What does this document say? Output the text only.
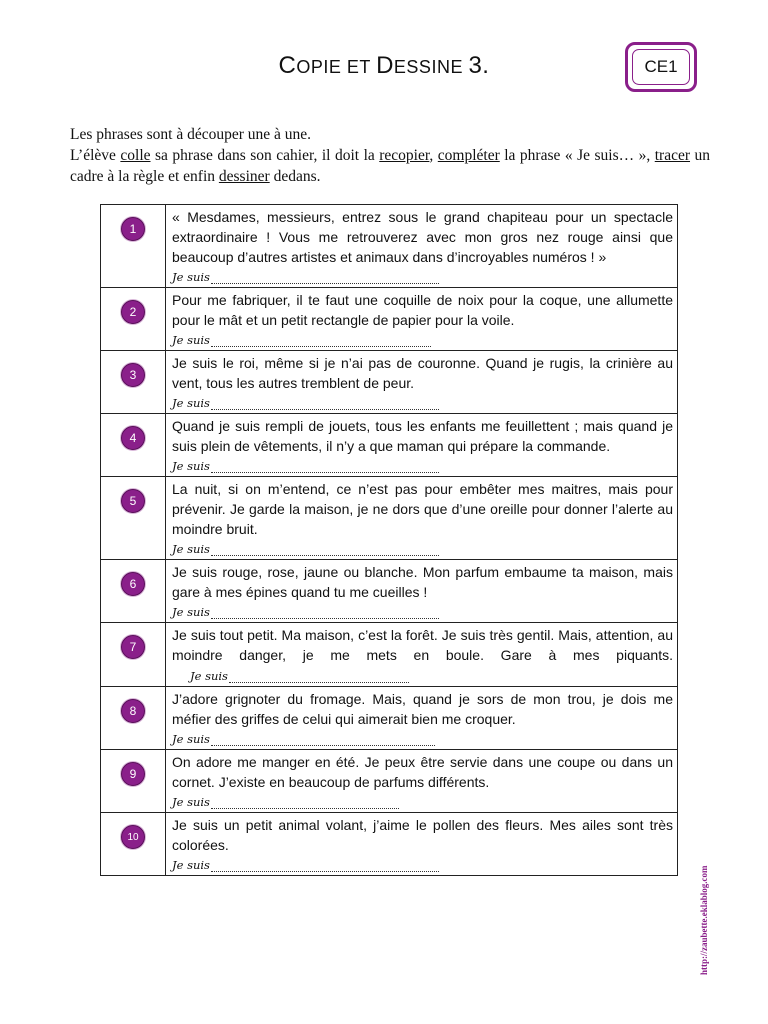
COPIE ET DESSINE 3.	CE1

Les phrases sont à découper une à une.

L’élève colle sa phrase dans son cahier, il doit la recopier, compléter la phrase « Je suis… », tracer un cadre à la règle et enfin dessiner dedans.

1	« Mesdames, messieurs, entrez sous le grand chapiteau pour un spectacle extraordinaire ! Vous me retrouverez avec mon gros nez rouge ainsi que beaucoup d’autres artistes et animaux dans d’incroyables numéros ! »
Je suis

2	Pour me fabriquer, il te faut une coquille de noix pour la coque, une allumette pour le mât et un petit rectangle de papier pour la voile.
Je suis

3	Je suis le roi, même si je n’ai pas de couronne. Quand je rugis, la crinière au vent, tous les autres tremblent de peur.
Je suis

4	Quand je suis rempli de jouets, tous les enfants me feuillettent ; mais quand je suis plein de vêtements, il n’y a que maman qui prépare la commande.
Je suis

5	La nuit, si on m’entend, ce n’est pas pour embêter mes maitres, mais pour prévenir. Je garde la maison, je ne dors que d’une oreille pour donner l’alerte au moindre bruit.
Je suis

6	Je suis rouge, rose, jaune ou blanche. Mon parfum embaume ta maison, mais gare à mes épines quand tu me cueilles !
Je suis

7	Je suis tout petit. Ma maison, c’est la forêt. Je suis très gentil. Mais, attention, au moindre danger, je me mets en boule. Gare à mes piquants.
Je suis

8	J’adore grignoter du fromage. Mais, quand je sors de mon trou, je dois me méfier des griffes de celui qui aimerait bien me croquer.
Je suis

9	On adore me manger en été. Je peux être servie dans une coupe ou dans un cornet. J’existe en beaucoup de parfums différents.
Je suis

10	Je suis un petit animal volant, j’aime le pollen des fleurs. Mes ailes sont très colorées.
Je suis
http://zaubette.eklablog.com
